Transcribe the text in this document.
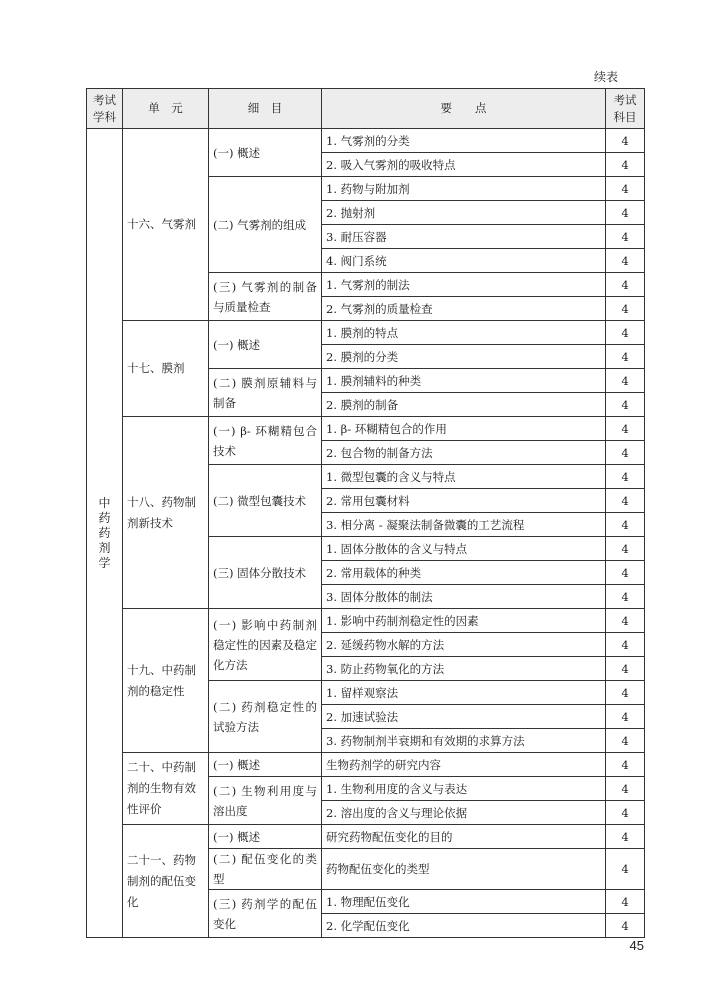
续表
考试学科	单　元	细　目	要　　点	考试科目
中药药剂学	十六、气雾剂	(一) 概述	1. 气雾剂的分类	4
			2. 吸入气雾剂的吸收特点	4
		(二) 气雾剂的组成	1. 药物与附加剂	4
			2. 抛射剂	4
			3. 耐压容器	4
			4. 阀门系统	4
		(三) 气雾剂的制备与质量检查	1. 气雾剂的制法	4
			2. 气雾剂的质量检查	4
	十七、膜剂	(一) 概述	1. 膜剂的特点	4
			2. 膜剂的分类	4
		(二) 膜剂原辅料与制备	1. 膜剂辅料的种类	4
			2. 膜剂的制备	4
	十八、药物制剂新技术	(一) β- 环糊精包合技术	1. β- 环糊精包合的作用	4
			2. 包合物的制备方法	4
		(二) 微型包囊技术	1. 微型包囊的含义与特点	4
			2. 常用包囊材料	4
			3. 相分离 - 凝聚法制备微囊的工艺流程	4
		(三) 固体分散技术	1. 固体分散体的含义与特点	4
			2. 常用载体的种类	4
			3. 固体分散体的制法	4
	十九、中药制剂的稳定性	(一) 影响中药制剂稳定性的因素及稳定化方法	1. 影响中药制剂稳定性的因素	4
			2. 延缓药物水解的方法	4
			3. 防止药物氧化的方法	4
		(二) 药剂稳定性的试验方法	1. 留样观察法	4
			2. 加速试验法	4
			3. 药物制剂半衰期和有效期的求算方法	4
	二十、中药制剂的生物有效性评价	(一) 概述	生物药剂学的研究内容	4
		(二) 生物利用度与溶出度	1. 生物利用度的含义与表达	4
			2. 溶出度的含义与理论依据	4
	二十一、药物制剂的配伍变化	(一) 概述	研究药物配伍变化的目的	4
		(二) 配伍变化的类型	药物配伍变化的类型	4
		(三) 药剂学的配伍变化	1. 物理配伍变化	4
			2. 化学配伍变化	4
45
